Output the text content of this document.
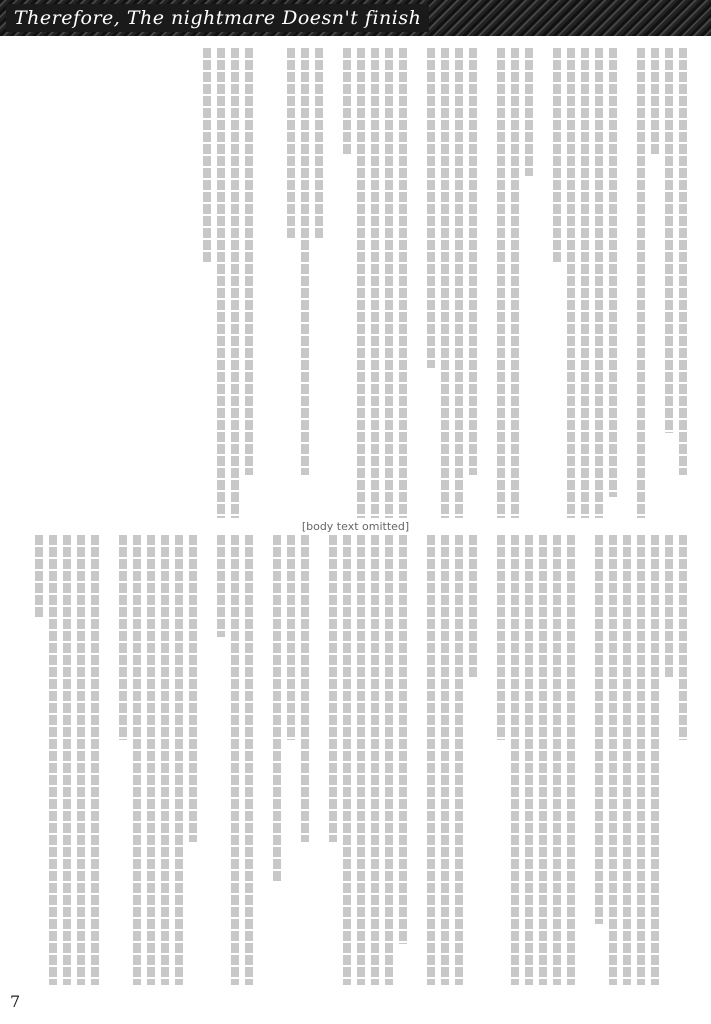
Therefore, The nightmare Doesn't finish
[body text omitted]
7
